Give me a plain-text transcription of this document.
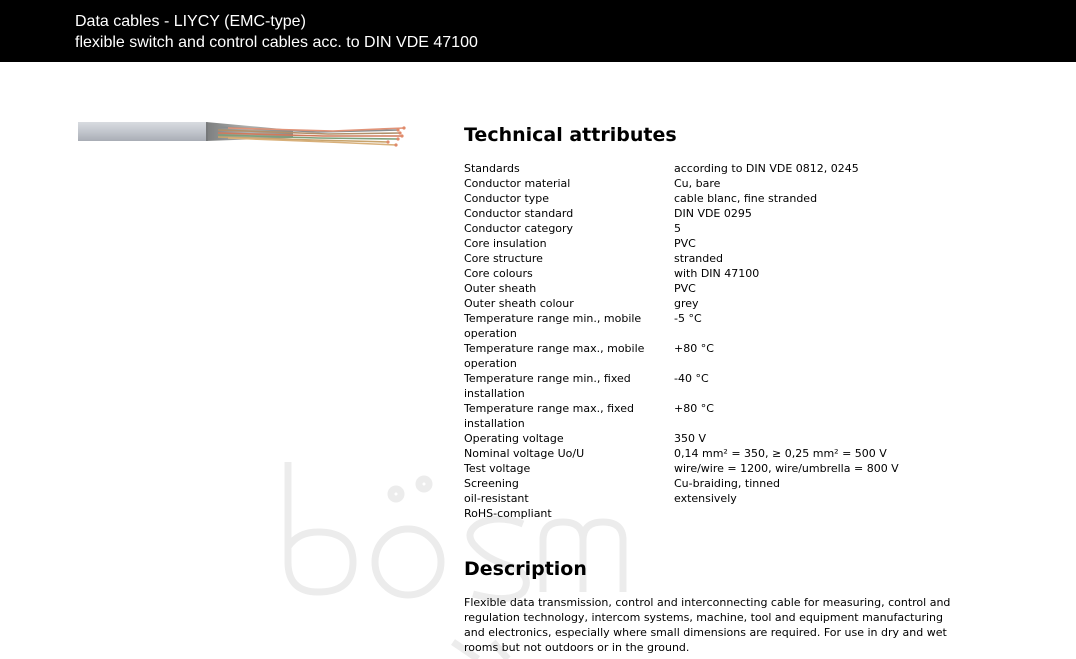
Data cables - LIYCY (EMC-type)
flexible switch and control cables acc. to DIN VDE 47100
Technical attributes
Standards	according to DIN VDE 0812, 0245
Conductor material	Cu, bare
Conductor type	cable blanc, fine stranded
Conductor standard	DIN VDE 0295
Conductor category	5
Core insulation	PVC
Core structure	stranded
Core colours	with DIN 47100
Outer sheath	PVC
Outer sheath colour	grey
Temperature range min., mobile operation	-5 °C
Temperature range max., mobile operation	+80 °C
Temperature range min., fixed installation	-40 °C
Temperature range max., fixed installation	+80 °C
Operating voltage	350 V
Nominal voltage Uo/U	0,14 mm² = 350, ≥ 0,25 mm² = 500 V
Test voltage	wire/wire = 1200, wire/umbrella = 800 V
Screening	Cu-braiding, tinned
oil-resistant	extensively
RoHS-compliant	
Description
Flexible data transmission, control and interconnecting cable for measuring, control and regulation technology, intercom systems, machine, tool and equipment manufacturing and electronics, especially where small dimensions are required. For use in dry and wet rooms but not outdoors or in the ground.
